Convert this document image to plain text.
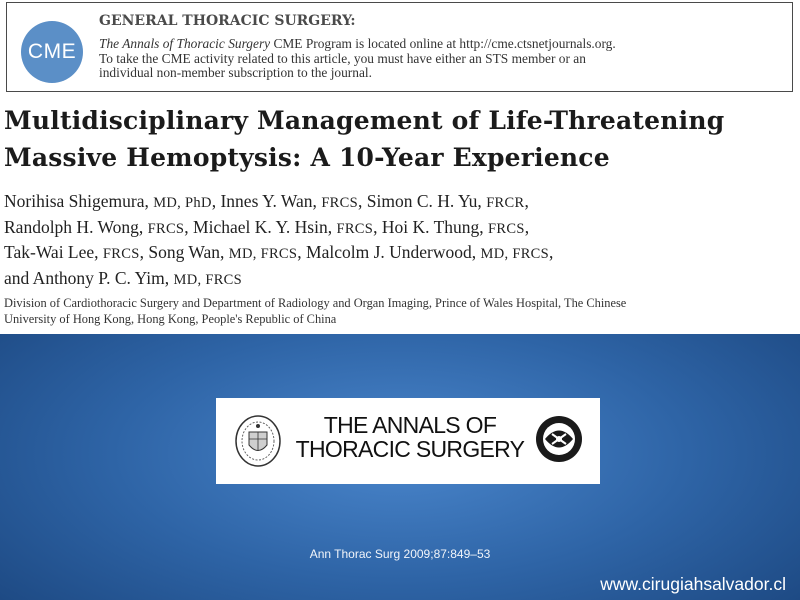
CME
GENERAL THORACIC SURGERY:
The Annals of Thoracic Surgery CME Program is located online at http://cme.ctsnetjournals.org.
To take the CME activity related to this article, you must have either an STS member or an
individual non-member subscription to the journal.
Multidisciplinary Management of Life-Threatening
Massive Hemoptysis: A 10-Year Experience
Norihisa Shigemura, MD, PhD, Innes Y. Wan, FRCS, Simon C. H. Yu, FRCR,
Randolph H. Wong, FRCS, Michael K. Y. Hsin, FRCS, Hoi K. Thung, FRCS,
Tak-Wai Lee, FRCS, Song Wan, MD, FRCS, Malcolm J. Underwood, MD, FRCS,
and Anthony P. C. Yim, MD, FRCS
Division of Cardiothoracic Surgery and Department of Radiology and Organ Imaging, Prince of Wales Hospital, The Chinese
University of Hong Kong, Hong Kong, People's Republic of China
THE ANNALS OF
THORACIC SURGERY
Ann Thorac Surg 2009;87:849–53
www.cirugiahsalvador.cl
